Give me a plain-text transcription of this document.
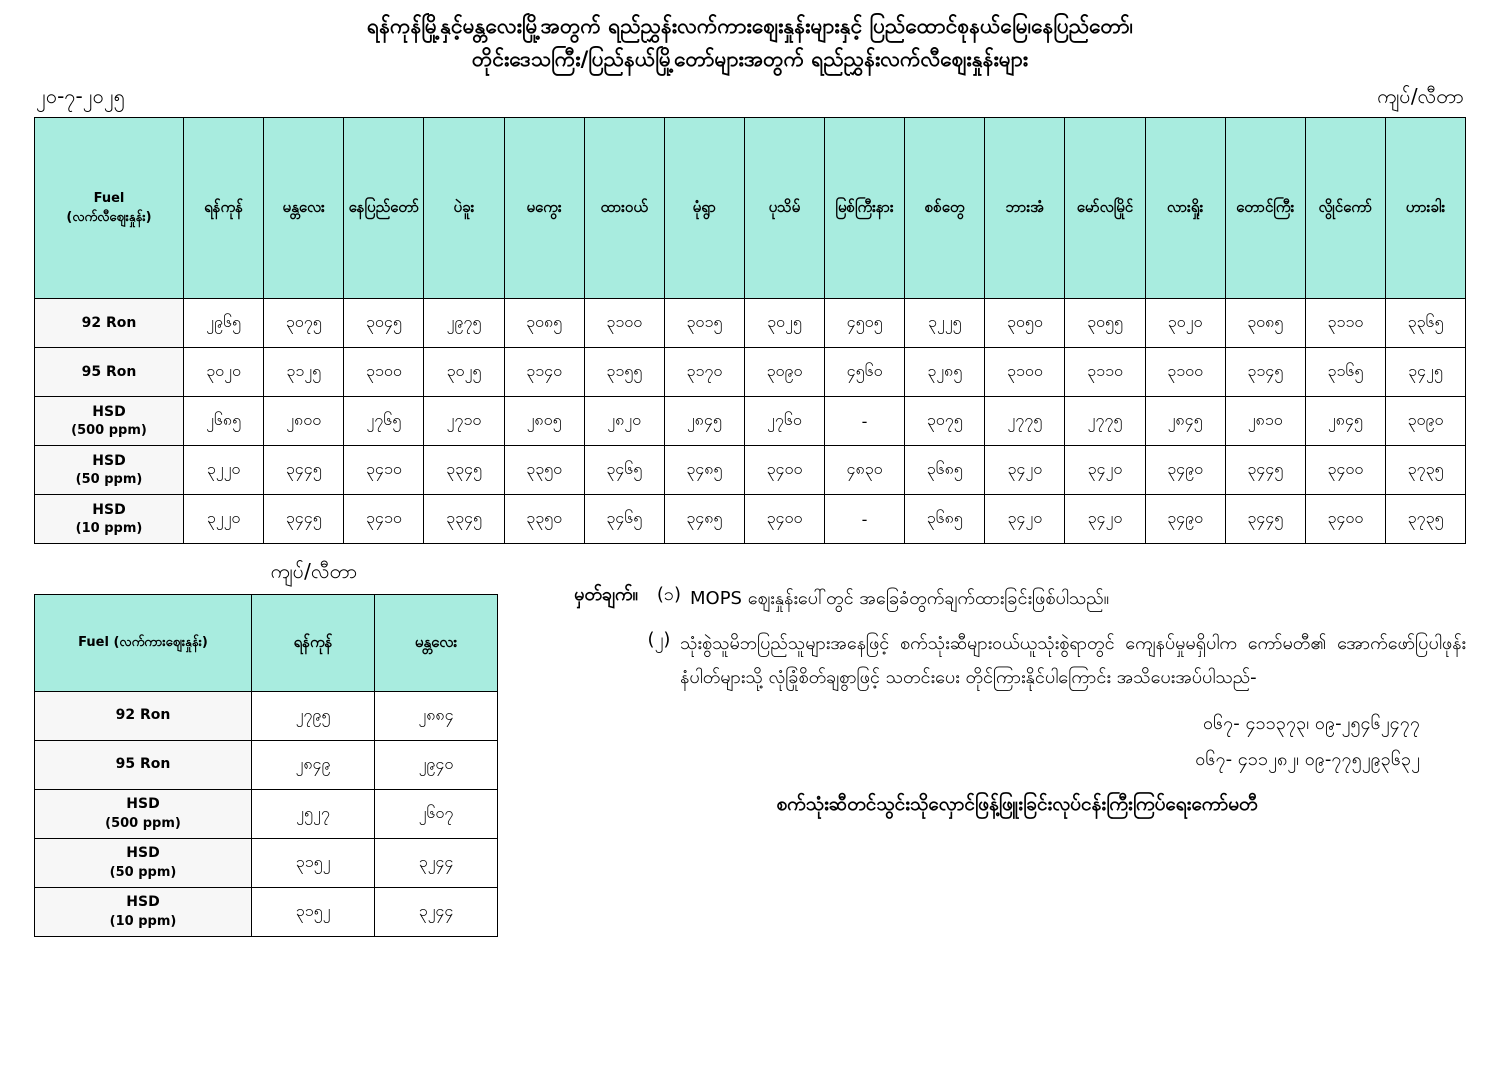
ရန်ကုန်မြို့နှင့်မန္တလေးမြို့အတွက် ရည်ညွှန်းလက်ကားဈေးနှုန်းများနှင့် ပြည်ထောင်စုနယ်မြေ၊နေပြည်တော်၊
တိုင်းဒေသကြီး/ပြည်နယ်မြို့တော်များအတွက် ရည်ညွှန်းလက်လီဈေးနှုန်းများ
၂၀-၇-၂၀၂၅	ကျပ်/လီတာ
Fuel
(လက်လီဈေးနှုန်း)	ရန်ကုန်	မန္တလေး	နေပြည်တော်	ပဲခူး	မကွေး	ထားဝယ်	မုံရွာ	ပုသိမ်	မြစ်ကြီးနား	စစ်တွေ	ဘားအံ	မော်လမြိုင်	လားရှိုး	တောင်ကြီး	လွိုင်ကော်	ဟားခါး
92 Ron	၂၉၆၅	၃၀၇၅	၃၀၄၅	၂၉၇၅	၃၀၈၅	၃၁၀၀	၃၀၁၅	၃၀၂၅	၄၅၀၅	၃၂၂၅	၃၀၅၀	၃၀၅၅	၃၀၂၀	၃၀၈၅	၃၁၁၀	၃၃၆၅
95 Ron	၃၀၂၀	၃၁၂၅	၃၁၀၀	၃၀၂၅	၃၁၄၀	၃၁၅၅	၃၁၇၀	၃၀၉၀	၄၅၆၀	၃၂၈၅	၃၁၀၀	၃၁၁၀	၃၁၀၀	၃၁၄၅	၃၁၆၅	၃၄၂၅
HSD
(500 ppm)	၂၆၈၅	၂၈၀၀	၂၇၆၅	၂၇၁၀	၂၈၀၅	၂၈၂၀	၂၈၄၅	၂၇၆၀	-	၃၀၇၅	၂၇၇၅	၂၇၇၅	၂၈၄၅	၂၈၁၀	၂၈၄၅	၃၀၉၀
HSD
(50 ppm)	၃၂၂၀	၃၄၄၅	၃၄၁၀	၃၃၄၅	၃၃၅၀	၃၄၆၅	၃၄၈၅	၃၄၀၀	၄၈၃၀	၃၆၈၅	၃၄၂၀	၃၄၂၀	၃၄၉၀	၃၄၄၅	၃၄၀၀	၃၇၃၅
HSD
(10 ppm)	၃၂၂၀	၃၄၄၅	၃၄၁၀	၃၃၄၅	၃၃၅၀	၃၄၆၅	၃၄၈၅	၃၄၀၀	-	၃၆၈၅	၃၄၂၀	၃၄၂၀	၃၄၉၀	၃၄၄၅	၃၄၀၀	၃၇၃၅
ကျပ်/လီတာ
Fuel (လက်ကားဈေးနှုန်း)	ရန်ကုန်	မန္တလေး
92 Ron	၂၇၉၅	၂၈၈၄
95 Ron	၂၈၄၉	၂၉၄၀
HSD
(500 ppm)	၂၅၂၇	၂၆၀၇
HSD
(50 ppm)	၃၁၅၂	၃၂၄၄
HSD
(10 ppm)	၃၁၅၂	၃၂၄၄
မှတ်ချက်။	(၁) MOPS ဈေးနှုန်းပေါ်တွင် အခြေခံတွက်ချက်ထားခြင်းဖြစ်ပါသည်။
(၂) သုံးစွဲသူမိဘပြည်သူများအနေဖြင့် စက်သုံးဆီများဝယ်ယူသုံးစွဲရာတွင် ကျေနပ်မှုမရှိပါက ကော်မတီ၏ အောက်ဖော်ပြပါဖုန်းနံပါတ်များသို့ လုံခြုံစိတ်ချစွာဖြင့် သတင်းပေး တိုင်ကြားနိုင်ပါကြောင်း အသိပေးအပ်ပါသည်-
ဝ၆၇- ၄၁၁၃၇၃၊ ဝ၉-၂၅၄၆၂၄၇၇
ဝ၆၇- ၄၁၁၂၈၂၊ ဝ၉-၇၇၅၂၉၃၆၃၂
စက်သုံးဆီတင်သွင်းသိုလှောင်ဖြန့်ဖြူးခြင်းလုပ်ငန်းကြီးကြပ်ရေးကော်မတီ
